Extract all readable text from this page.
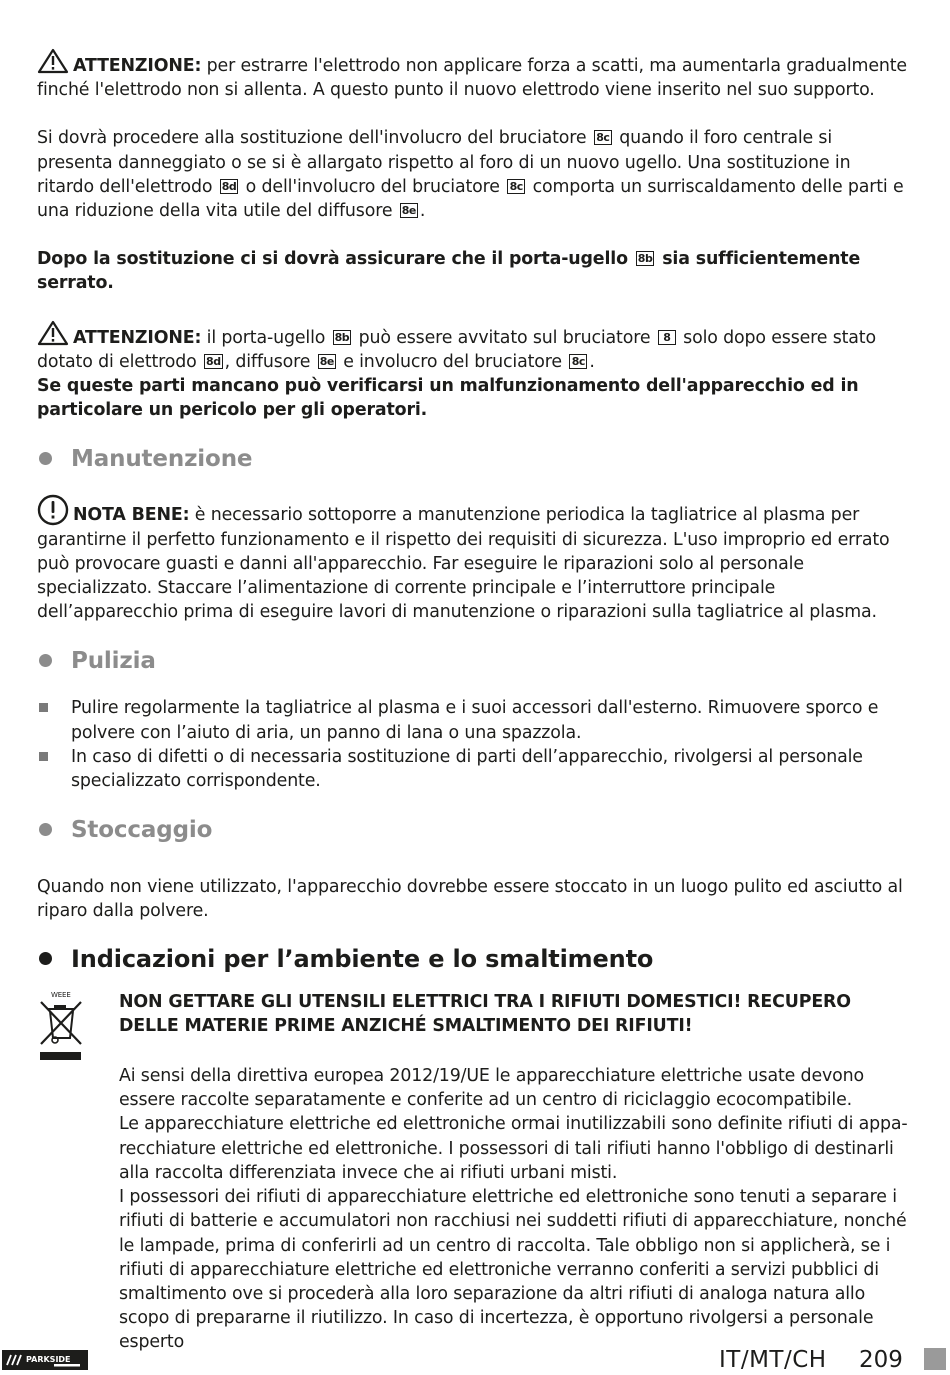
ATTENZIONE: per estrarre l'elettrodo non applicare forza a scatti, ma aumentarla gradualmente finché l'elettrodo non si allenta. A questo punto il nuovo elettrodo viene inserito nel suo supporto.

Si dovrà procedere alla sostituzione dell'involucro del bruciatore 8c quando il foro centrale si presenta danneggiato o se si è allargato rispetto al foro di un nuovo ugello. Una sostituzione in ritardo dell'elettrodo 8d o dell'involucro del bruciatore 8c comporta un surriscaldamento delle parti e una riduzione della vita utile del diffusore 8e .

Dopo la sostituzione ci si dovrà assicurare che il porta-ugello 8b sia sufficientemente serrato.

ATTENZIONE: il porta-ugello 8b può essere avvitato sul bruciatore 8 solo dopo essere stato dotato di elettrodo 8d , diffusore 8e e involucro del bruciatore 8c .

Se queste parti mancano può verificarsi un malfunzionamento dell'apparecchio ed in particolare un pericolo per gli operatori.

Manutenzione

NOTA BENE: è necessario sottoporre a manutenzione periodica la tagliatrice al plasma per garantirne il perfetto funzionamento e il rispetto dei requisiti di sicurezza. L'uso improprio ed errato può provocare guasti e danni all'apparecchio. Far eseguire le riparazioni solo al personale specializzato. Staccare l’alimentazione di corrente principale e l’interruttore principale dell’apparecchio prima di eseguire lavori di manutenzione o riparazioni sulla tagliatrice al plasma.

Pulizia
Pulire regolarmente la tagliatrice al plasma e i suoi accessori dall'esterno. Rimuovere sporco e polvere con l’aiuto di aria, un panno di lana o una spazzola.
In caso di difetti o di necessaria sostituzione di parti dell’apparecchio, rivolgersi al personale specializzato corrispondente.
Stoccaggio

Quando non viene utilizzato, l'apparecchio dovrebbe essere stoccato in un luogo pulito ed asciutto al riparo dalla polvere.

Indicazioni per l’ambiente e lo smaltimento
WEEE	NON GETTARE GLI UTENSILI ELETTRICI TRA I RIFIUTI DOMESTICI! RECUPERO DELLE MATERIE PRIME ANZICHÉ SMALTIMENTO DEI RIFIUTI!

Ai sensi della direttiva europea 2012/19/UE le apparecchiature elettriche usate devono essere raccolte separatamente e conferite ad un centro di riciclaggio ecocompatibile.

Le apparecchiature elettriche ed elettroniche ormai inutilizzabili sono definite rifiuti di appa-recchiature elettriche ed elettroniche. I possessori di tali rifiuti hanno l'obbligo di destinarli alla raccolta differenziata invece che ai rifiuti urbani misti.

I possessori dei rifiuti di apparecchiature elettriche ed elettroniche sono tenuti a separare i rifiuti di batterie e accumulatori non racchiusi nei suddetti rifiuti di apparecchiature, nonché le lampade, prima di conferirli ad un centro di raccolta. Tale obbligo non si applicherà, se i rifiuti di apparecchiature elettriche ed elettroniche verranno conferiti a servizi pubblici di smaltimento ove si procederà alla loro separazione da altri rifiuti di analoga natura allo scopo di prepararne il riutilizzo. In caso di incertezza, è opportuno rivolgersi a personale esperto

PARKSIDE	IT/MT/CH 209
